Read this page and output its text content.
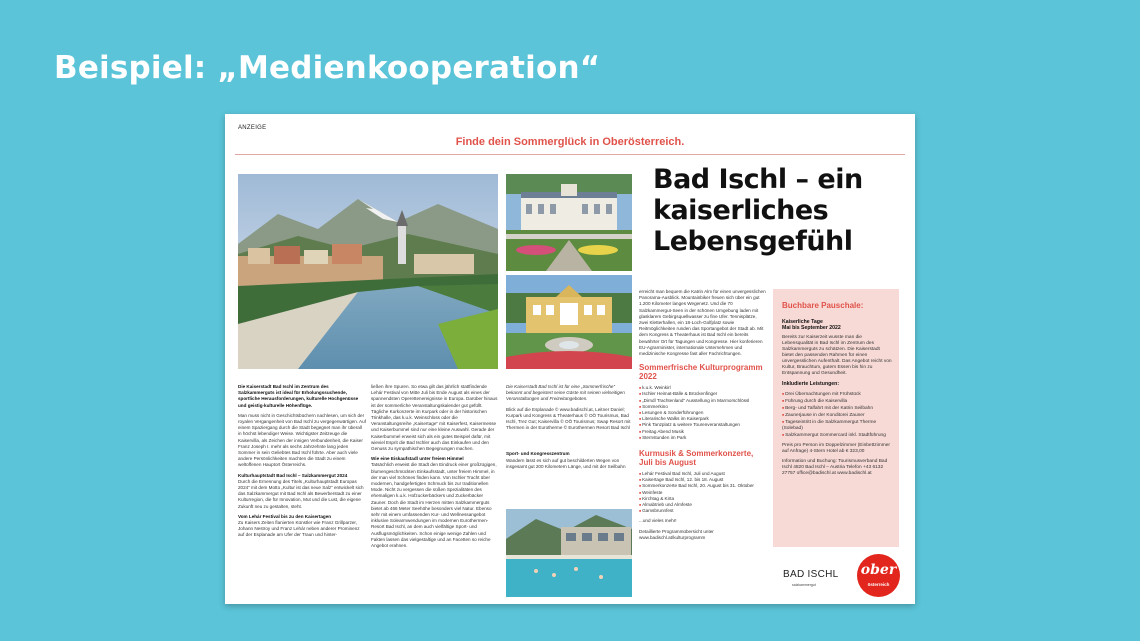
Beispiel: „Medienkooperation“
ANZEIGE
Finde dein Sommerglück in Oberösterreich.
Bad Ischl – ein kaiserliches Lebensgefühl

Die Kaiserstadt Bad Ischl im Zentrum des Salzkammerguts ist ideal für Erholungssuchende, sportliche Herausforderungen, kulturelle Hochgenüsse und geistig-kulturelle Höhenflüge.

Man muss nicht in Geschichtsbüchern nachlesen, um sich der royalen Vergangenheit von Bad Ischl zu vergegenwärtigen. Auf einem Spaziergang durch die Stadt begegnet man ihr überall in höchst lebendiger Weise. Wichtigster Zeitzeuge die Kaiservilla, als Zeichen der innigen Verbundenheit, die Kaiser Franz Joseph I. mehr als sechs Jahrzehnte lang jeden Sommer in sein Geliebtes Bad Ischl führte. Aber auch viele andere Persönlichkeiten machten die Stadt zu einem weltoffenen Hauptort Österreichs.

Kulturhauptstadt Bad Ischl – Salzkammergut 2024
Durch die Ernennung des Titels „Kulturhauptstadt Europas 2024“ mit dem Motto „Kultur ist das neue Salz“ entwickelt sich das Salzkammergut mit Bad Ischl als Bewerberstadt zu einer Kulturregion, die für Innovation, Mut und die Lust, die eigene Zukunft neu zu gestalten, steht.

Vom Lehár Festival bis zu den Kaisertagen
Zu Kaisers Zeiten flanierten Künstler wie Franz Grillparzer, Johann Nestroy und Franz Lehár neben anderer Prominenz auf der Esplanade am Ufer der Traun und hinter-

ließen ihre Spuren. So etwa gilt das jährlich stattfindende Lehár Festival von Mitte Juli bis Ende August als eines der spannendsten Operettenereignisse in Europa. Darüber hinaus ist der sommerliche Veranstaltungskalender gut gefüllt. Tägliche Kurkonzerte im Kurpark oder in der historischen Trinkhalle, das k.u.k. Weinschloss oder die Veranstaltungsreihe „Kaisertage“ mit Kaiserfest, Kaisermesse und Kaiserbummel sind nur eine kleine Auswahl. Gerade der Kaiserbummel erweist sich als ein gutes Beispiel dafür, mit wieviel Esprit die Bad Ischler auch das Einkaufen und den Genuss zu sympathischen Begegnungen machen.

Wie eine Eiskaufstadl unter freiem Himmel
Tatsächlich erweist die Stadt den Eindruck einer großzügigen, blumengeschmückten Einkaufsstadt, unter freiem Himmel, in der man viel Schönes finden kann. Von Ischler Tracht über modernen, handgefertigten Schmuck bis zur traditionellen Mode. Nicht zu vergessen die süßen Spezialitäten des ehemaligen k.u.k. Hofzuckerbäckers und Zuckerbäcker Zauner. Doch die Stadt im Herzen mitten Salzkammerguts bietet ab 466 Meter Seehöhe besonders viel Natur. Ebenso sehr mit einem umfassenden Kur- und Wellnessangebot inklusive Solearmwendungen im modernen Eurothermen-Resort Bad Ischl, an dem auch vielfältige Sport- und Ausflugsmöglichkeiten. Schon einige wenige Zahlen und Fakten lassen das vielgestaltige und an Facetten so reiche Angebot erahnen.

Die Kaiserstadt Bad Ischl ist für eine „Sommerfrische“ bekannt und begeistert seine Gäste mit seinen vielseitigen Veranstaltungen und Freizeitangeboten.

Blick auf die Esplanade © www.badischl.at, Leitner Daniel; Kurpark und Kongress & Theaterhaus © OÖ Tourismus, Bad Ischl, Trez Gut; Kaiservilla © OÖ Tourismus; Swap Resort mit Thermen in der Eurotherme © Eurothermen Resort Bad Ischl

Sport- und Kongresszentrum
Wandern lässt es sich auf gut beschilderten Wegen von insgesamt gut 200 Kilometern Länge, und mit der Seilbahn

erreicht man bequem die Katrin Alm für einen unvergesslichen Panorama-Ausblick. Mountainbiker freuen sich über ein gut 1.200 Kilometer langes Wegenetz. Und die 70 Salzkammergut-Seen in der schönen Umgebung laden mit glasklarem Gebirgsquellwasser zu fine Ufer. Tennisplätze, zwei Kletterhallen, ein 18-Loch-Golfplatz sowie Reitmöglichkeiten runden das Sportangebot der Stadt ab. Mit dem Kongress & Theaterhaus ist Bad Ischl ein bereits bewährter Ort für Tagungen und Kongresse. Hier konferieren EU-Agrarminister, internationale Unternehmen und medizinische Kongresse fast aller Fachrichtungen.

Sommerfrische Kulturprogramm 2022

■ k.u.k. Weinkirl
■ Ischler Heimat-Bälle & Brückenfinger
■ „Dirndl Trachtenland“ Ausstellung im Marmorschlössl
■ Sommerkino
■ Lesungen & Sonderführungen
■ Literarische Walks im Kaiserpark
■ Pink Tanzplatz & weitere Tourenveranstaltungen
■ Freitag Abend Musik
■ Sternstunden im Park

Kurmusik & Sommerkonzerte, Juli bis August

■ Lehár Festival Bad Ischl, Juli und August
■ Kaisertage Bad Ischl, 12. bis 18. August
■ Sommerkonzerte Bad Ischl, 20. August bis 31. Oktober
■ Weinfeste
■ Kirchtag & Kirta
■ Almabtrieb und Almfeste
■ Gamsbrunnfest

...und vieles mehr!

Detaillierte Programmübersicht unter www.badischl.at/kulturprogramm

Buchbare Pauschale:

Kaiserliche Tage
Mai bis September 2022

Bereits zur Kaiserzeit wusste man die Lebensqualität in Bad Ischl im Zentrum des Salzkammerguts zu schätzen. Die Kaiserstadt bietet den passenden Rahmen für einen unvergesslichen Aufenthalt. Das Angebot reicht von Kultur, Brauchtum, gutem Essen bis hin zu Entspannung und Gesundheit.

Inkludierte Leistungen:

■ Drei Übernachtungen mit Frühstück
■ Führung durch die Kaiservilla
■ Berg- und Talfahrt mit der Katrin Seilbahn
■ Zaunerjause in der Konditorei Zauner
■ Tageseintritt in die Salzkammergut Therme (Solebad)
■ Salzkammergut Sommercard inkl. Stadtführung

Preis pro Person im Doppelzimmer (Einbettzimmer auf Anfrage) 4-Stern Hotel ab € 323,00

Information und Buchung: Tourismusverband Bad Ischl 4820 Bad Ischl – Austria Telefon +43 6132 27757 office@badischl.at www.badischl.at

BAD ISCHL
salzkammergut
ober
österreich
